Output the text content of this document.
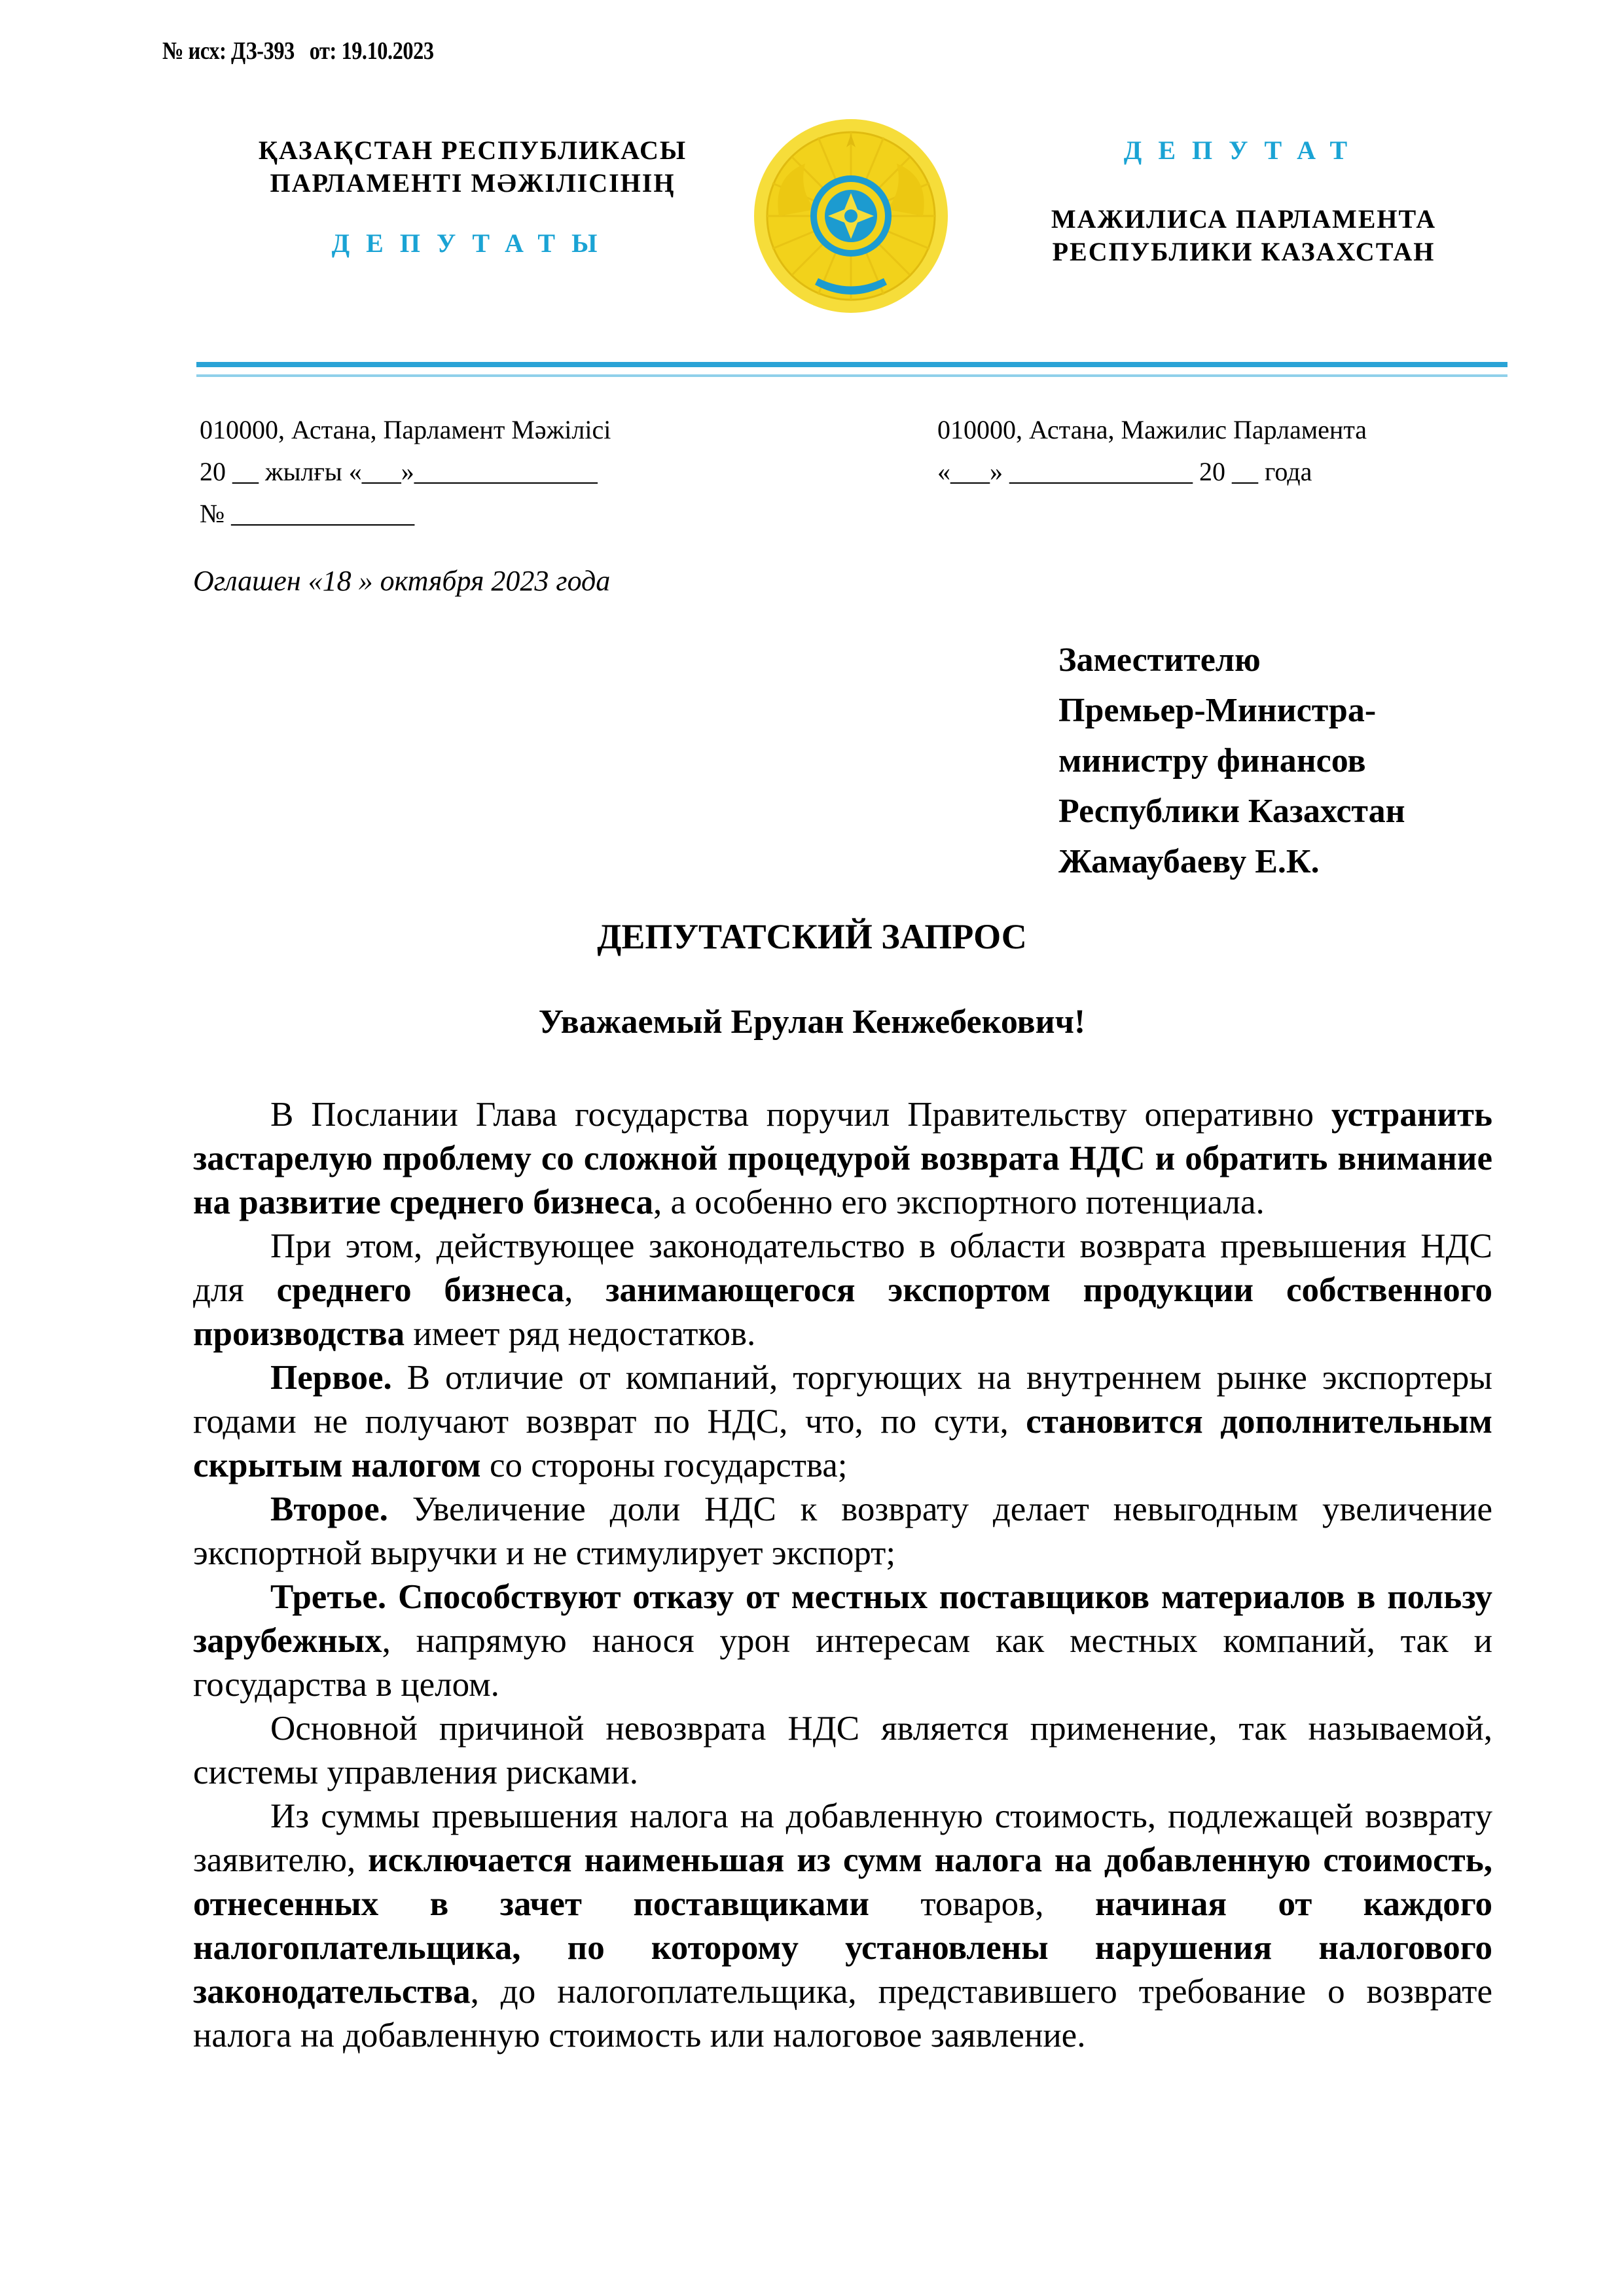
№ исх: ДЗ-393 от: 19.10.2023
ҚАЗАҚСТАН РЕСПУБЛИКАСЫ
ПАРЛАМЕНТІ МӘЖІЛІСІНІҢ
ДЕПУТАТЫ
ДЕПУТАТ
МАЖИЛИСА ПАРЛАМЕНТА
РЕСПУБЛИКИ КАЗАХСТАН
010000, Астана, Парламент Мәжілісі
20 __ жылғы «___»______________
№ ______________
010000, Астана, Мажилис Парламента
«___» ______________ 20 __ года
Оглашен «18 » октября 2023 года
Заместителю
Премьер-Министра-
министру финансов
Республики Казахстан
Жамаубаеву Е.К.
ДЕПУТАТСКИЙ ЗАПРОС
Уважаемый Ерулан Кенжебекович!

В Послании Глава государства поручил Правительству оперативно устранить застарелую проблему со сложной процедурой возврата НДС и обратить внимание на развитие среднего бизнеса, а особенно его экспортного потенциала.

При этом, действующее законодательство в области возврата превышения НДС для среднего бизнеса, занимающегося экспортом продукции собственного производства имеет ряд недостатков.

Первое. В отличие от компаний, торгующих на внутреннем рынке экспортеры годами не получают возврат по НДС, что, по сути, становится дополнительным скрытым налогом со стороны государства;

Второе. Увеличение доли НДС к возврату делает невыгодным увеличение экспортной выручки и не стимулирует экспорт;

Третье. Способствуют отказу от местных поставщиков материалов в пользу зарубежных, напрямую нанося урон интересам как местных компаний, так и государства в целом.

Основной причиной невозврата НДС является применение, так называемой, системы управления рисками.

Из суммы превышения налога на добавленную стоимость, подлежащей возврату заявителю, исключается наименьшая из сумм налога на добавленную стоимость, отнесенных в зачет поставщиками товаров, начиная от каждого налогоплательщика, по которому установлены нарушения налогового законодательства, до налогоплательщика, представившего требование о возврате налога на добавленную стоимость или налоговое заявление.
